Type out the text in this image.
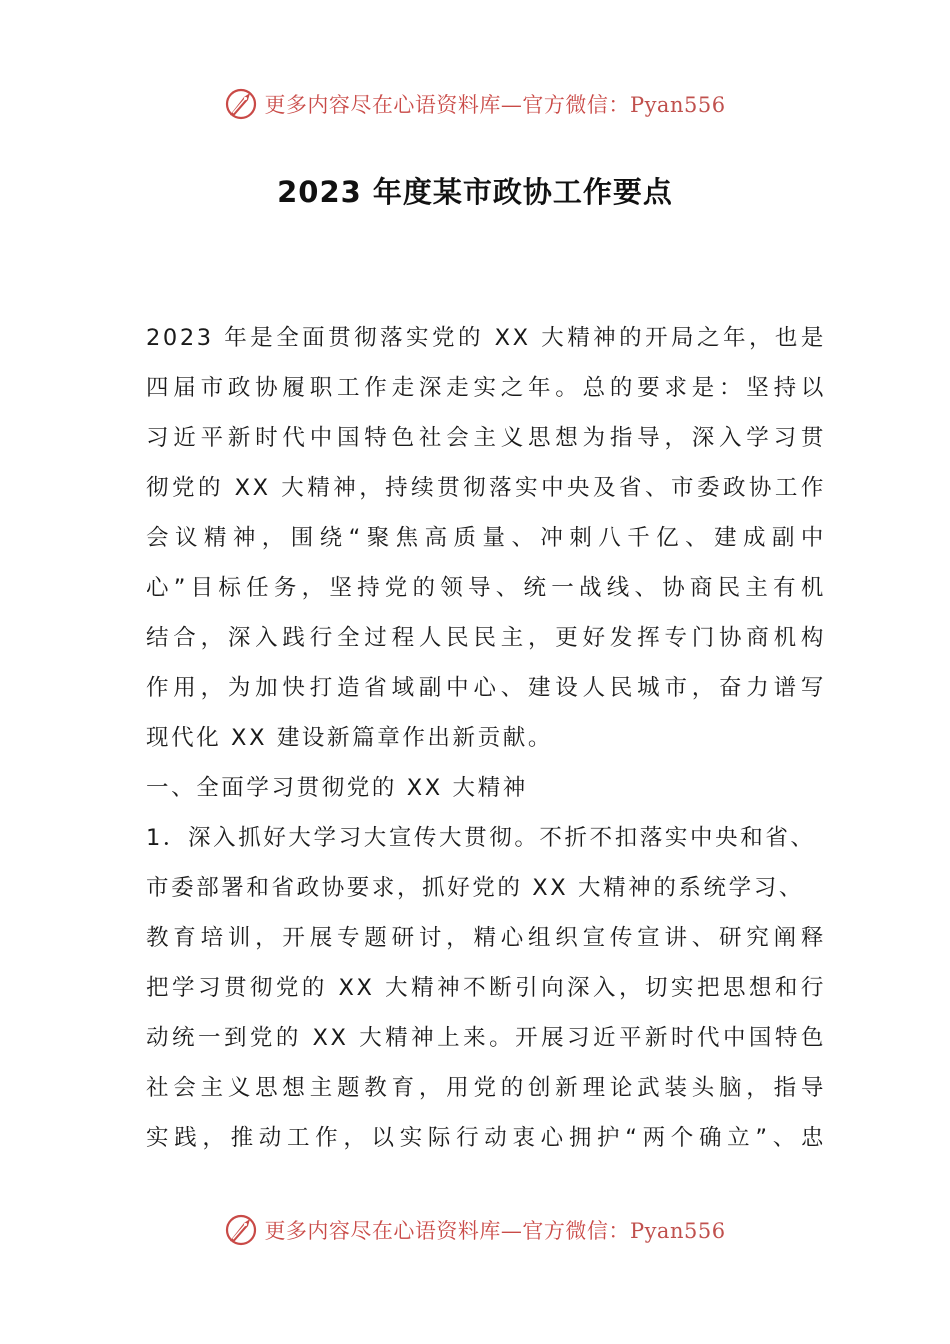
更多内容尽在心语资料库—官方微信：Pyan556
2023 年度某市政协工作要点
2023 年是全面贯彻落实党的 XX 大精神的开局之年，也是
四届市政协履职工作走深走实之年。总的要求是：坚持以
习近平新时代中国特色社会主义思想为指导，深入学习贯
彻党的 XX 大精神，持续贯彻落实中央及省、市委政协工作
会议精神，围绕“聚焦高质量、冲刺八千亿、建成副中
心”目标任务，坚持党的领导、统一战线、协商民主有机
结合，深入践行全过程人民民主，更好发挥专门协商机构
作用，为加快打造省域副中心、建设人民城市，奋力谱写
现代化 XX 建设新篇章作出新贡献。
一、全面学习贯彻党的 XX 大精神
1．深入抓好大学习大宣传大贯彻。不折不扣落实中央和省、
市委部署和省政协要求，抓好党的 XX 大精神的系统学习、
教育培训，开展专题研讨，精心组织宣传宣讲、研究阐释
把学习贯彻党的 XX 大精神不断引向深入，切实把思想和行
动统一到党的 XX 大精神上来。开展习近平新时代中国特色
社会主义思想主题教育，用党的创新理论武装头脑，指导
实践，推动工作，以实际行动衷心拥护“两个确立”、忠
更多内容尽在心语资料库—官方微信：Pyan556
